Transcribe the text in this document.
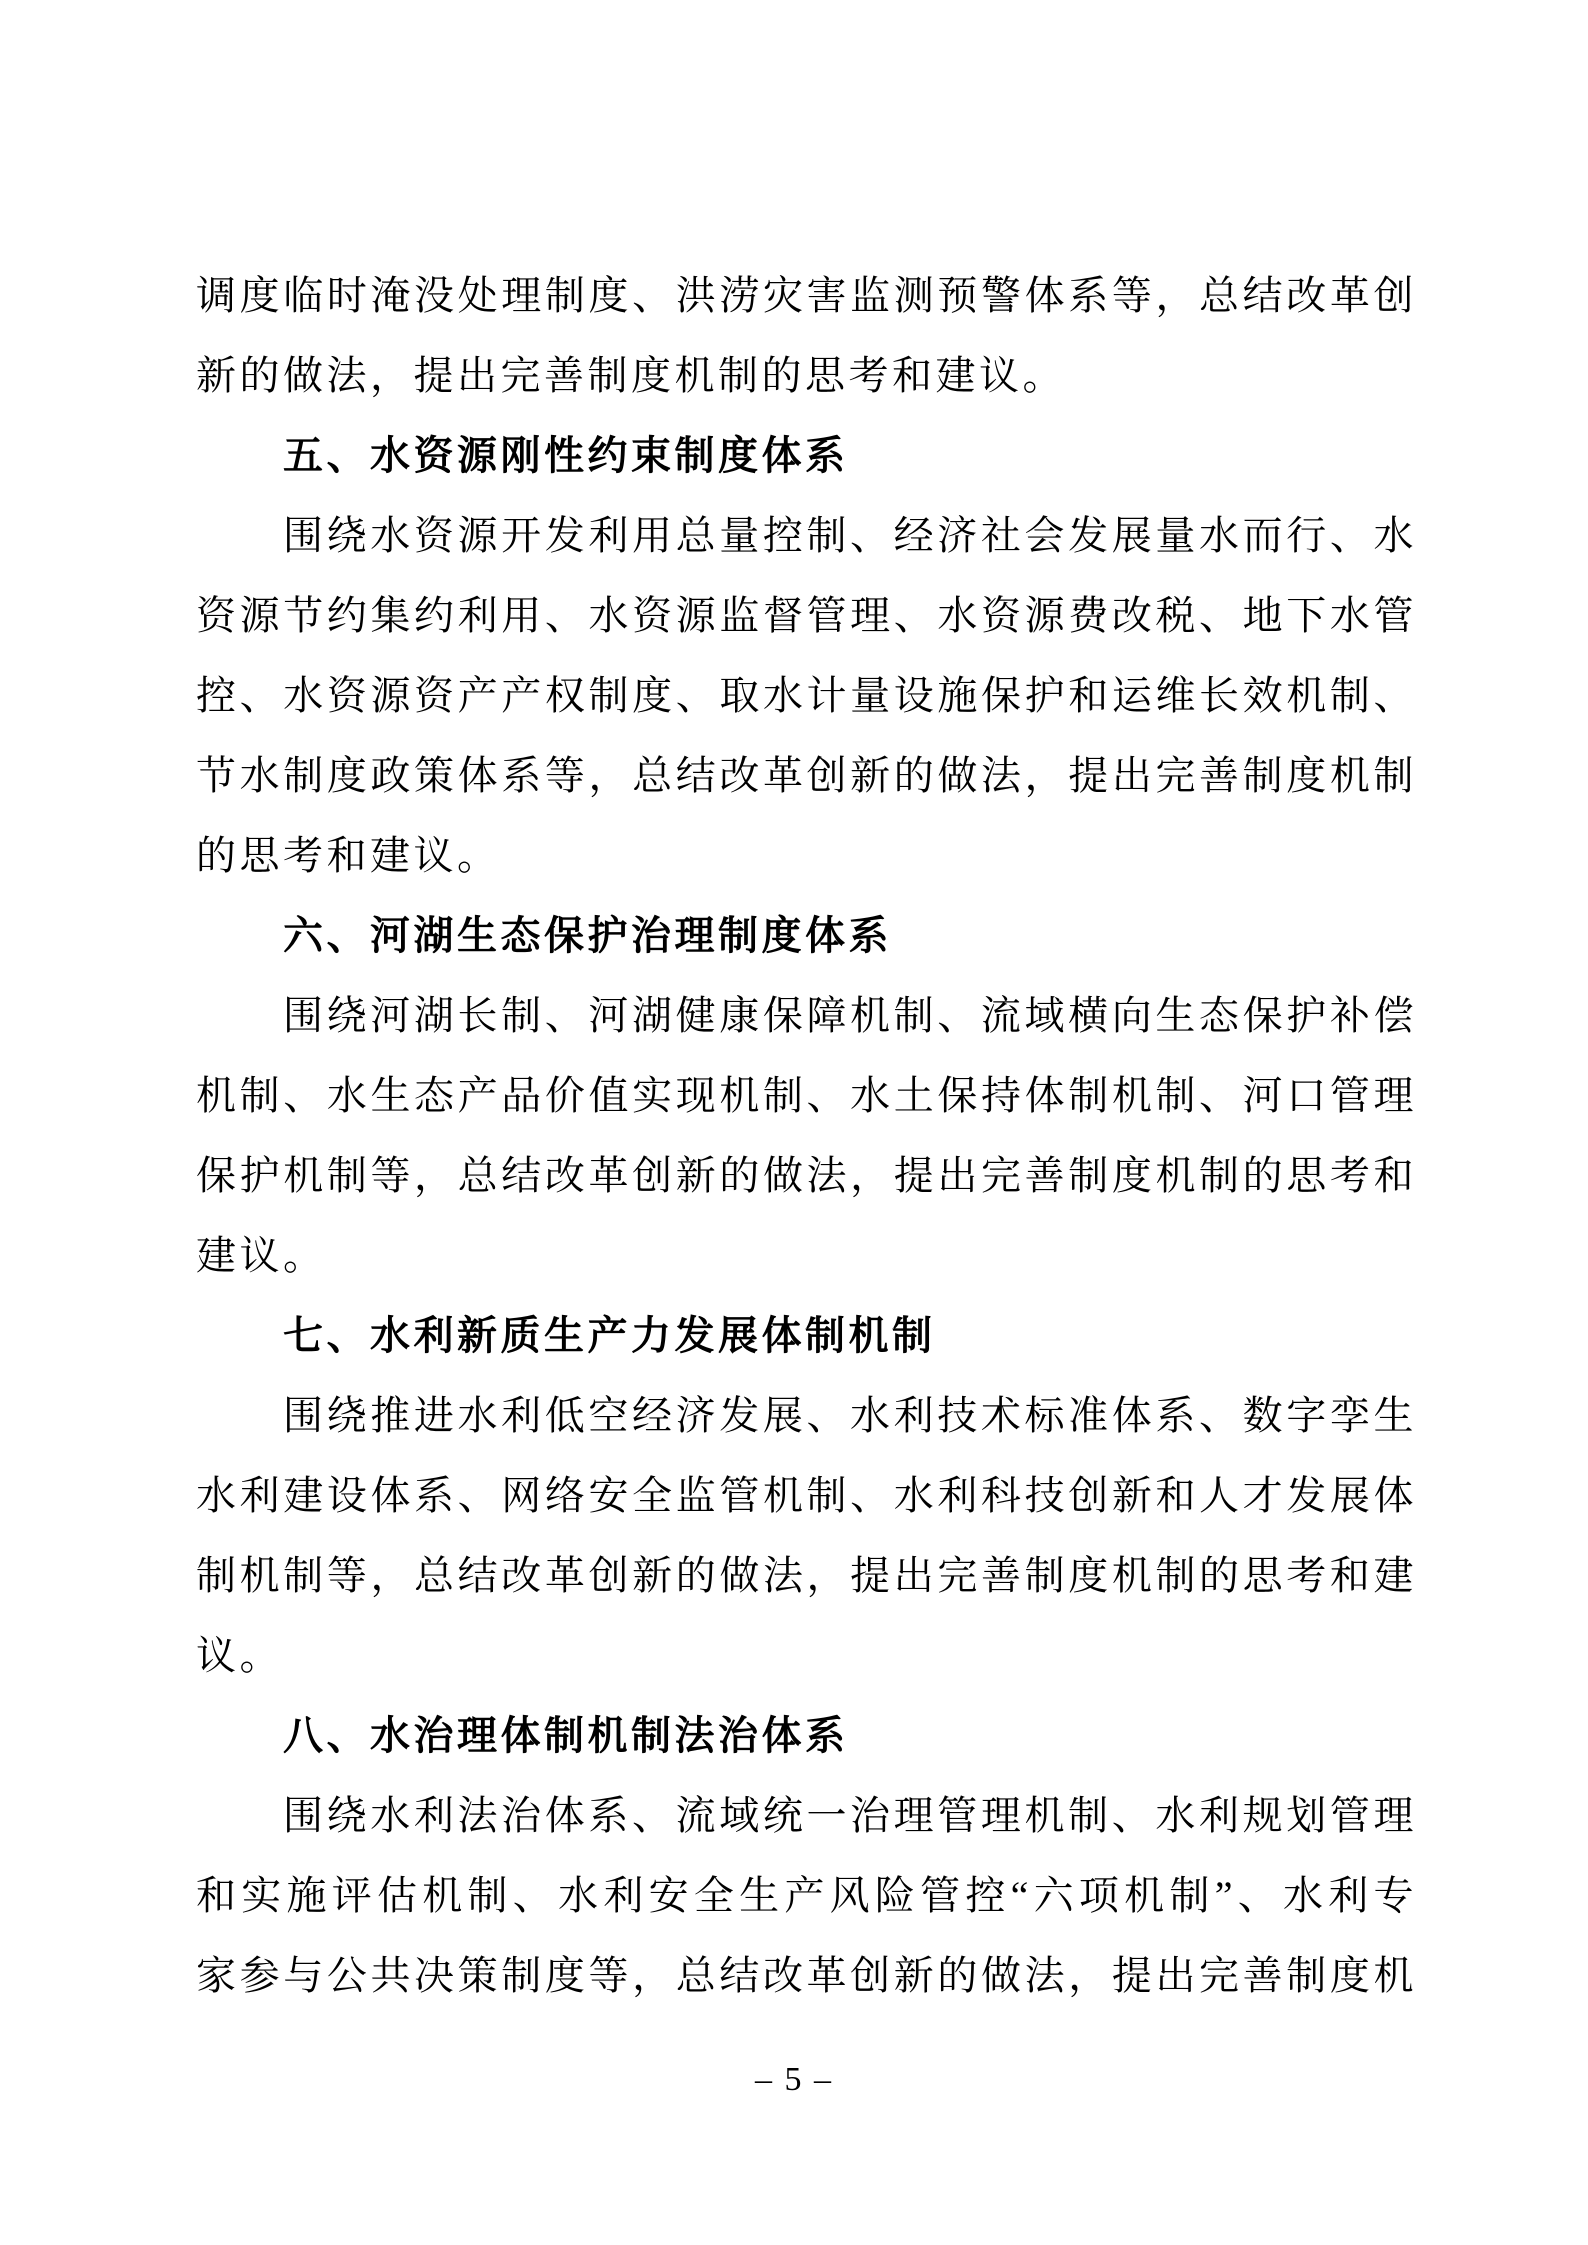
调度临时淹没处理制度、洪涝灾害监测预警体系等，总结改革创
新的做法，提出完善制度机制的思考和建议。
五、水资源刚性约束制度体系
围绕水资源开发利用总量控制、经济社会发展量水而行、水
资源节约集约利用、水资源监督管理、水资源费改税、地下水管
控、水资源资产产权制度、取水计量设施保护和运维长效机制、
节水制度政策体系等，总结改革创新的做法，提出完善制度机制
的思考和建议。
六、河湖生态保护治理制度体系
围绕河湖长制、河湖健康保障机制、流域横向生态保护补偿
机制、水生态产品价值实现机制、水土保持体制机制、河口管理
保护机制等，总结改革创新的做法，提出完善制度机制的思考和
建议。
七、水利新质生产力发展体制机制
围绕推进水利低空经济发展、水利技术标准体系、数字孪生
水利建设体系、网络安全监管机制、水利科技创新和人才发展体
制机制等，总结改革创新的做法，提出完善制度机制的思考和建
议。
八、水治理体制机制法治体系
围绕水利法治体系、流域统一治理管理机制、水利规划管理
和实施评估机制、水利安全生产风险管控“六项机制”、水利专
家参与公共决策制度等，总结改革创新的做法，提出完善制度机
– 5 –
